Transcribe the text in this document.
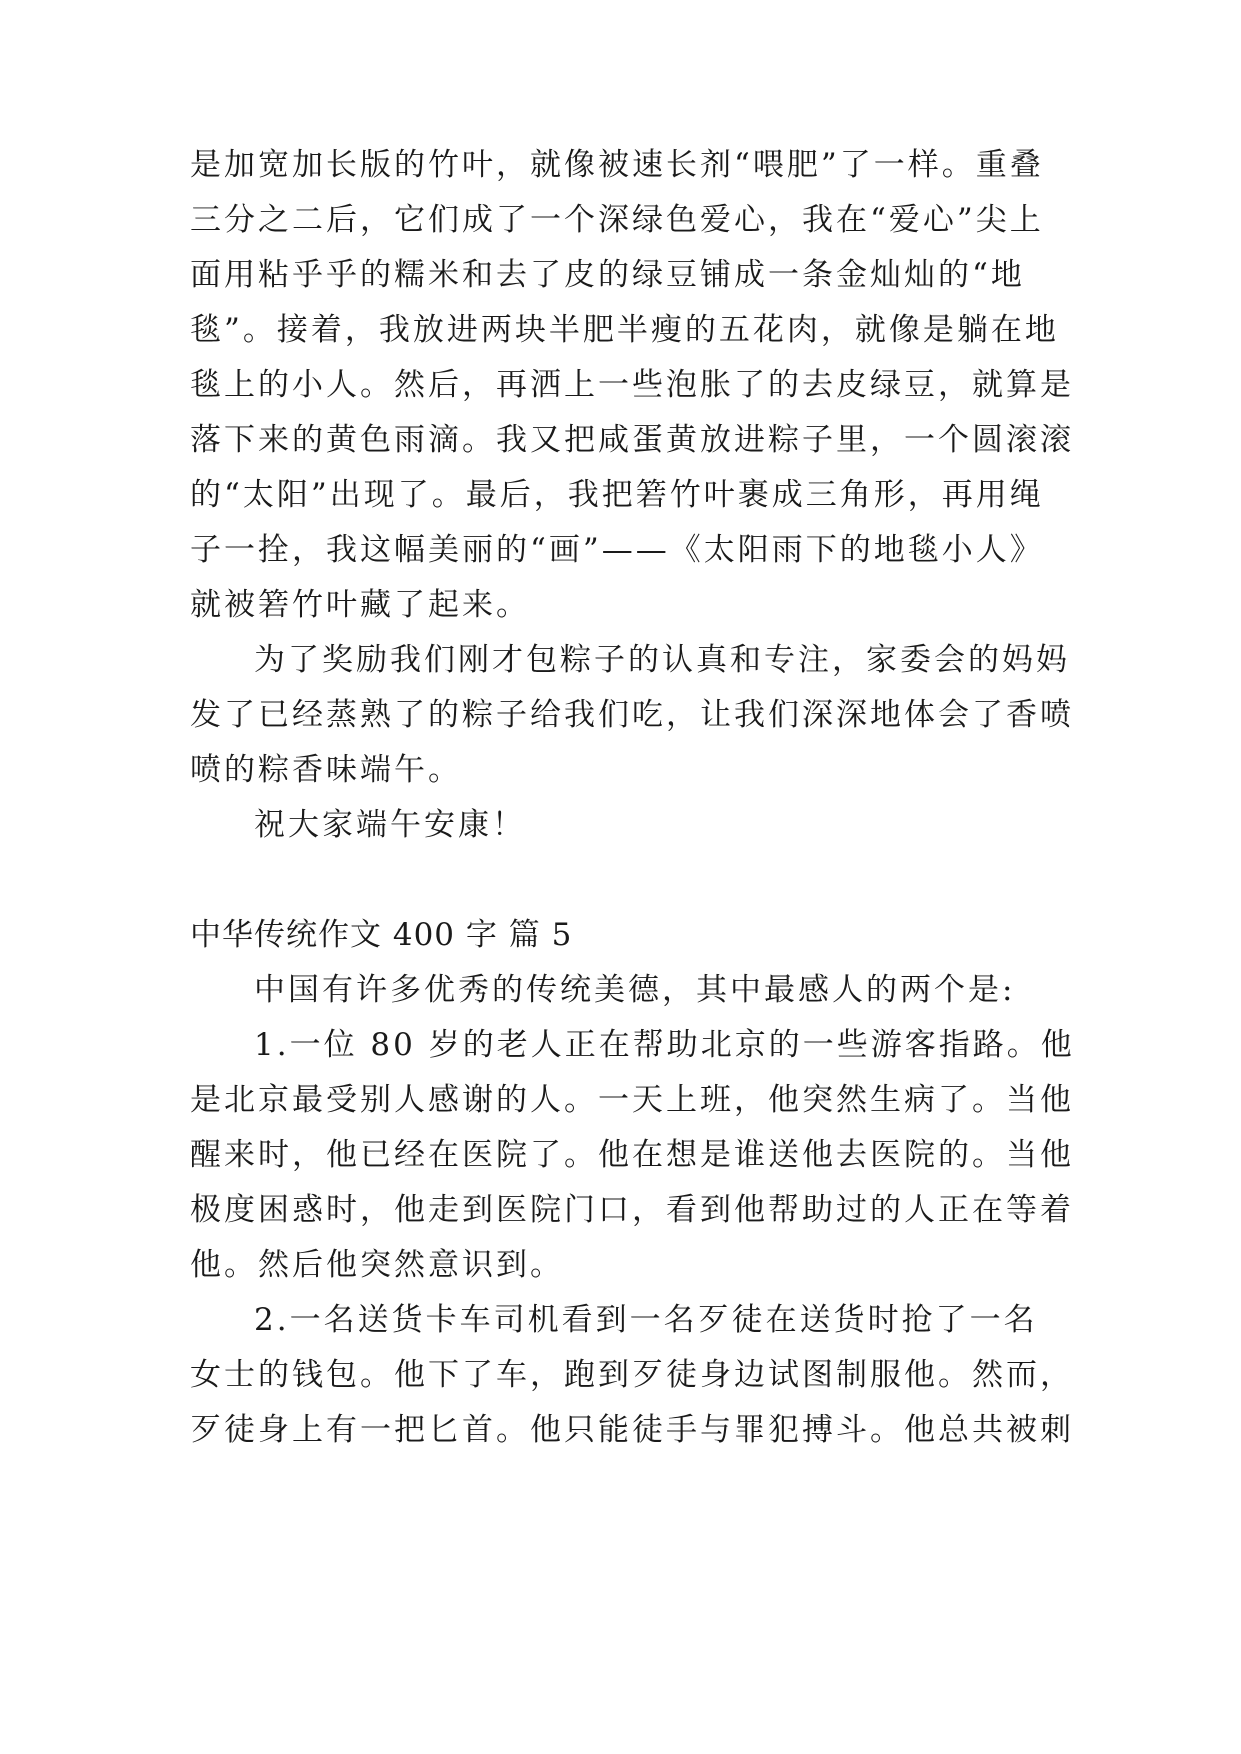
是加宽加长版的竹叶，就像被速长剂“喂肥”了一样。重叠
三分之二后，它们成了一个深绿色爱心，我在“爱心”尖上
面用粘乎乎的糯米和去了皮的绿豆铺成一条金灿灿的“地
毯”。接着，我放进两块半肥半瘦的五花肉，就像是躺在地
毯上的小人。然后，再洒上一些泡胀了的去皮绿豆，就算是
落下来的黄色雨滴。我又把咸蛋黄放进粽子里，一个圆滚滚
的“太阳”出现了。最后，我把箬竹叶裹成三角形，再用绳
子一拴，我这幅美丽的“画”——《太阳雨下的地毯小人》
就被箬竹叶藏了起来。
为了奖励我们刚才包粽子的认真和专注，家委会的妈妈
发了已经蒸熟了的粽子给我们吃，让我们深深地体会了香喷
喷的粽香味端午。
祝大家端午安康！
中华传统作文 400 字 篇 5
中国有许多优秀的传统美德，其中最感人的两个是:
1.一位 80 岁的老人正在帮助北京的一些游客指路。他
是北京最受别人感谢的人。一天上班，他突然生病了。当他
醒来时，他已经在医院了。他在想是谁送他去医院的。当他
极度困惑时，他走到医院门口，看到他帮助过的人正在等着
他。然后他突然意识到。
2.一名送货卡车司机看到一名歹徒在送货时抢了一名
女士的钱包。他下了车，跑到歹徒身边试图制服他。然而，
歹徒身上有一把匕首。他只能徒手与罪犯搏斗。他总共被刺
